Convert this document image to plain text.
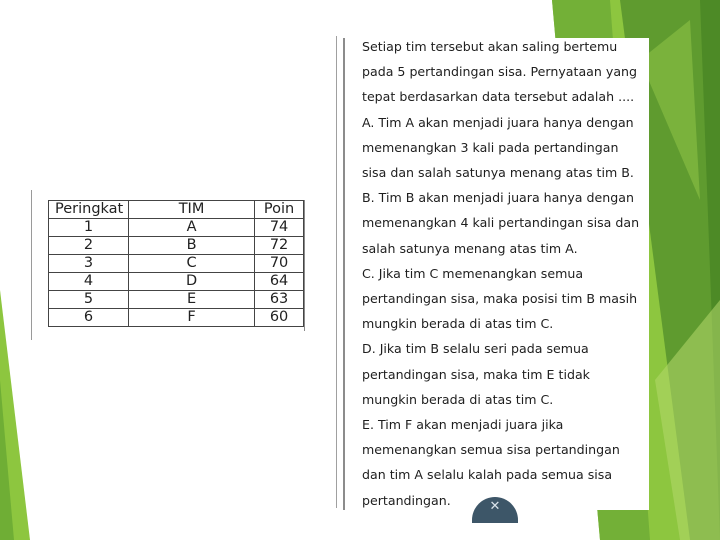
Peringkat	TIM	Poin
1	A	74
2	B	72
3	C	70
4	D	64
5	E	63
6	F	60
Setiap tim tersebut akan saling bertemu
pada 5 pertandingan sisa. Pernyataan yang
tepat berdasarkan data tersebut adalah ....
A. Tim A akan menjadi juara hanya dengan
memenangkan 3 kali pada pertandingan
sisa dan salah satunya menang atas tim B.
B. Tim B akan menjadi juara hanya dengan
memenangkan 4 kali pertandingan sisa dan
salah satunya menang atas tim A.
C. Jika tim C memenangkan semua
pertandingan sisa, maka posisi tim B masih
mungkin berada di atas tim C.
D. Jika tim B selalu seri pada semua
pertandingan sisa, maka tim E tidak
mungkin berada di atas tim C.
E. Tim F akan menjadi juara jika
memenangkan semua sisa pertandingan
dan tim A selalu kalah pada semua sisa
pertandingan.	✕
